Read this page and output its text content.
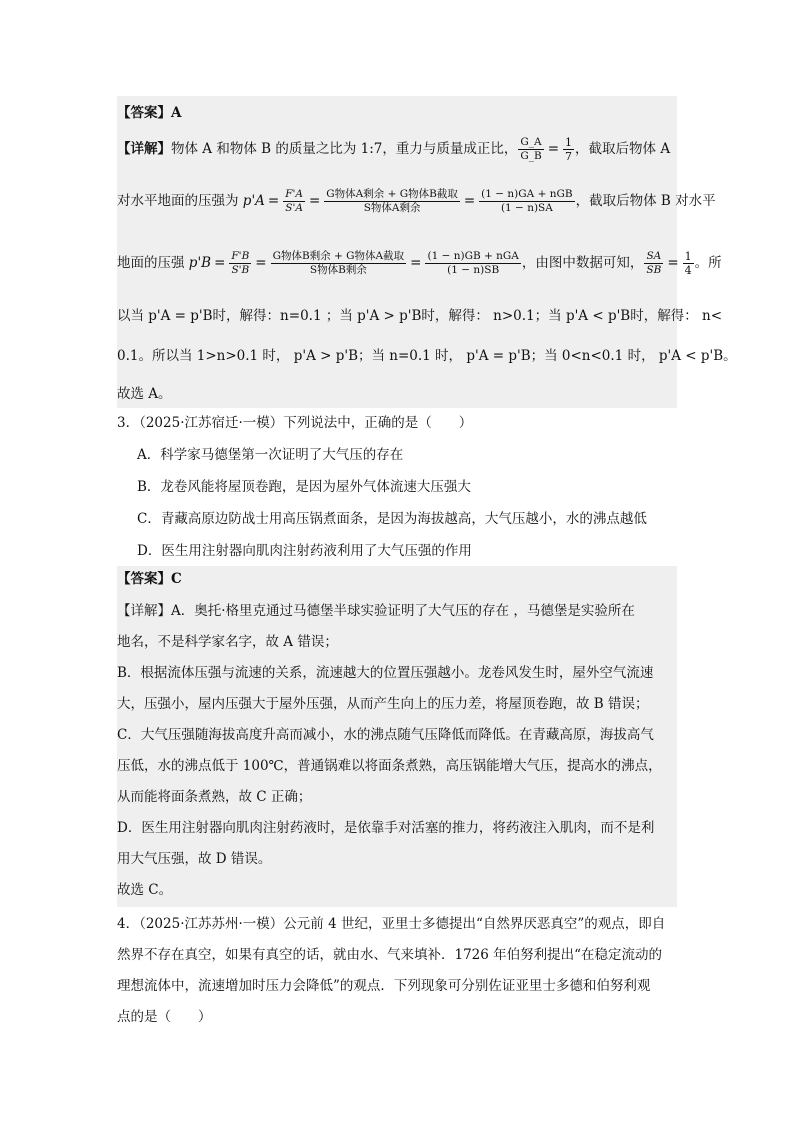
【答案】A
【详解】物体 A 和物体 B 的质量之比为 1:7，重力与质量成正比， $\frac{G\_A}{G\_B} = \frac{1}{7}$ ，截取后物体 A
对水平地面的压强为 $p'A = \frac{F'A}{S'A} = \frac{\text{G物体A剩余 + G物体B截取}}{\text{S物体A剩余}} = \frac{\text{(1 − n)GA + nGB}}{(1 - n)SA}$ ，截取后物体 B 对水平
地面的压强 $p'B = \frac{F'B}{S'B} = \frac{\text{G物体B剩余 + G物体A截取}}{\text{S物体B剩余}} = \frac{\text{(1 − n)GB + nGA}}{(1 - n)SB}$ ，由图中数据可知， $\frac{SA}{SB} = \frac{1}{4}$ 。所
以当 p'A = p'B时，解得：n=0.1 ；当 p'A > p'B时，解得： n>0.1；当 p'A < p'B时，解得： n<
0.1。所以当 1>n>0.1 时， p'A > p'B；当 n=0.1 时， p'A = p'B；当 0<n<0.1 时， p'A < p'B。
故选 A。
3．（2025·江苏宿迁·一模）下列说法中，正确的是（　　）
A．科学家马德堡第一次证明了大气压的存在
B．龙卷风能将屋顶卷跑，是因为屋外气体流速大压强大
C．青藏高原边防战士用高压锅煮面条，是因为海拔越高，大气压越小，水的沸点越低
D．医生用注射器向肌肉注射药液利用了大气压强的作用
【答案】C
【详解】A．奥托·格里克通过马德堡半球实验证明了大气压的存在 ，马德堡是实验所在
地名，不是科学家名字，故 A 错误；
B．根据流体压强与流速的关系，流速越大的位置压强越小。龙卷风发生时，屋外空气流速
大，压强小，屋内压强大于屋外压强，从而产生向上的压力差，将屋顶卷跑，故 B 错误；
C．大气压强随海拔高度升高而减小，水的沸点随气压降低而降低。在青藏高原，海拔高气
压低，水的沸点低于 100℃，普通锅难以将面条煮熟，高压锅能增大气压，提高水的沸点，
从而能将面条煮熟，故 C 正确；
D．医生用注射器向肌肉注射药液时，是依靠手对活塞的推力，将药液注入肌肉，而不是利
用大气压强，故 D 错误。
故选 C。
4．（2025·江苏苏州·一模）公元前 4 世纪，亚里士多德提出“自然界厌恶真空”的观点，即自
然界不存在真空，如果有真空的话，就由水、气来填补．1726 年伯努利提出“在稳定流动的
理想流体中，流速增加时压力会降低”的观点．下列现象可分别佐证亚里士多德和伯努利观
点的是（　　）
